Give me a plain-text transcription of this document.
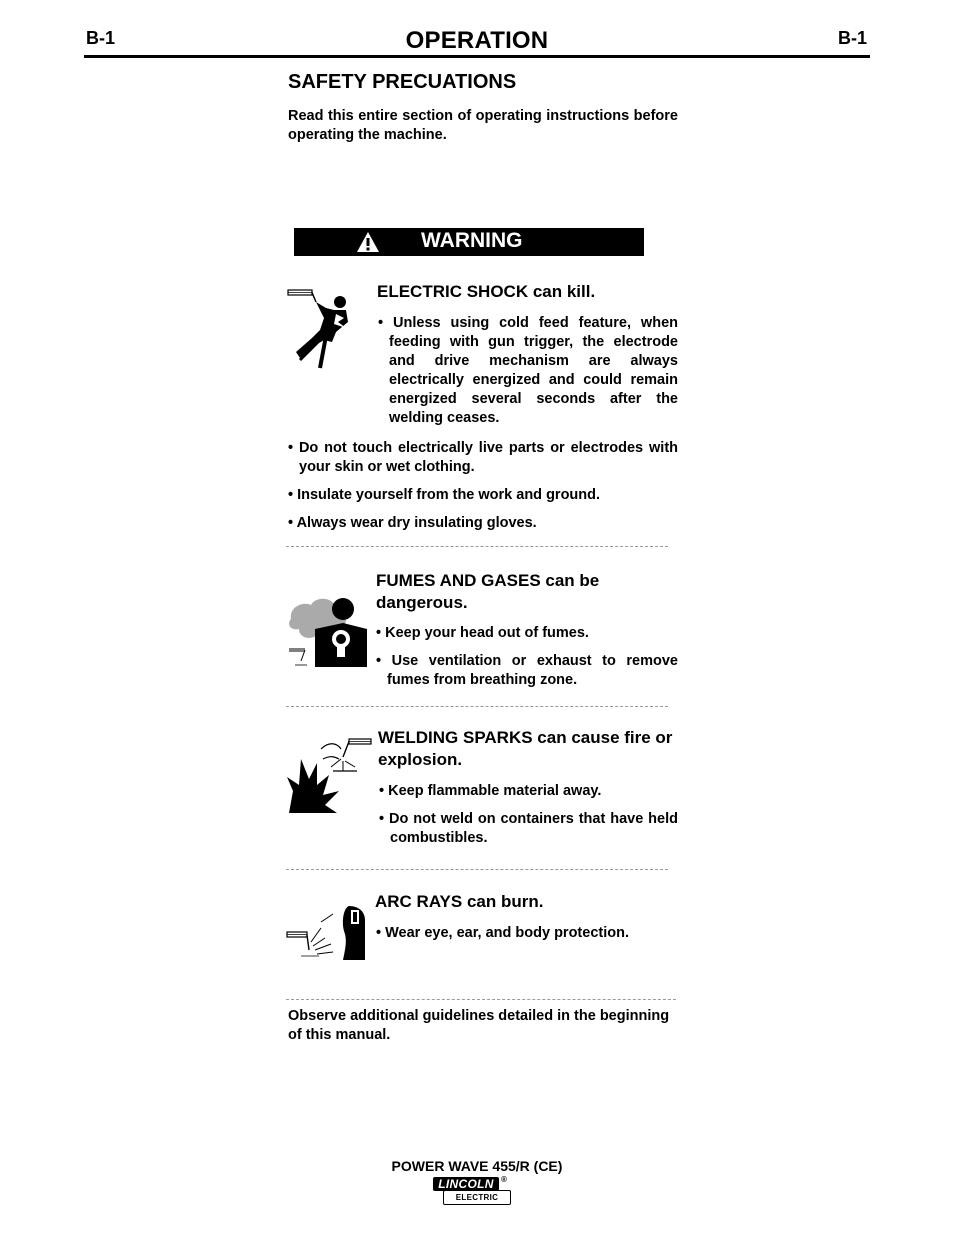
B-1	OPERATION	B-1
SAFETY PRECUATIONS
Read this entire section of operating instructions before operating the machine.
WARNING
ELECTRIC SHOCK can kill.
• Unless using cold feed feature, when feeding with gun trigger, the electrode and drive mechanism are always electrically energized and could remain energized several seconds after the welding ceases.
• Do not touch electrically live parts or electrodes with your skin or wet clothing.
• Insulate yourself from the work and ground.
• Always wear dry insulating gloves.
FUMES AND GASES can be dangerous.
• Keep your head out of fumes.
• Use ventilation or exhaust to remove fumes from breathing zone.
WELDING SPARKS can cause fire or explosion.
• Keep flammable material away.
• Do not weld on containers that have held combustibles.
ARC RAYS can burn.
• Wear eye, ear, and body protection.
Observe additional guidelines detailed in the beginning of this manual.
POWER WAVE 455/R (CE)
ELECTRIC
LINCOLN ®
